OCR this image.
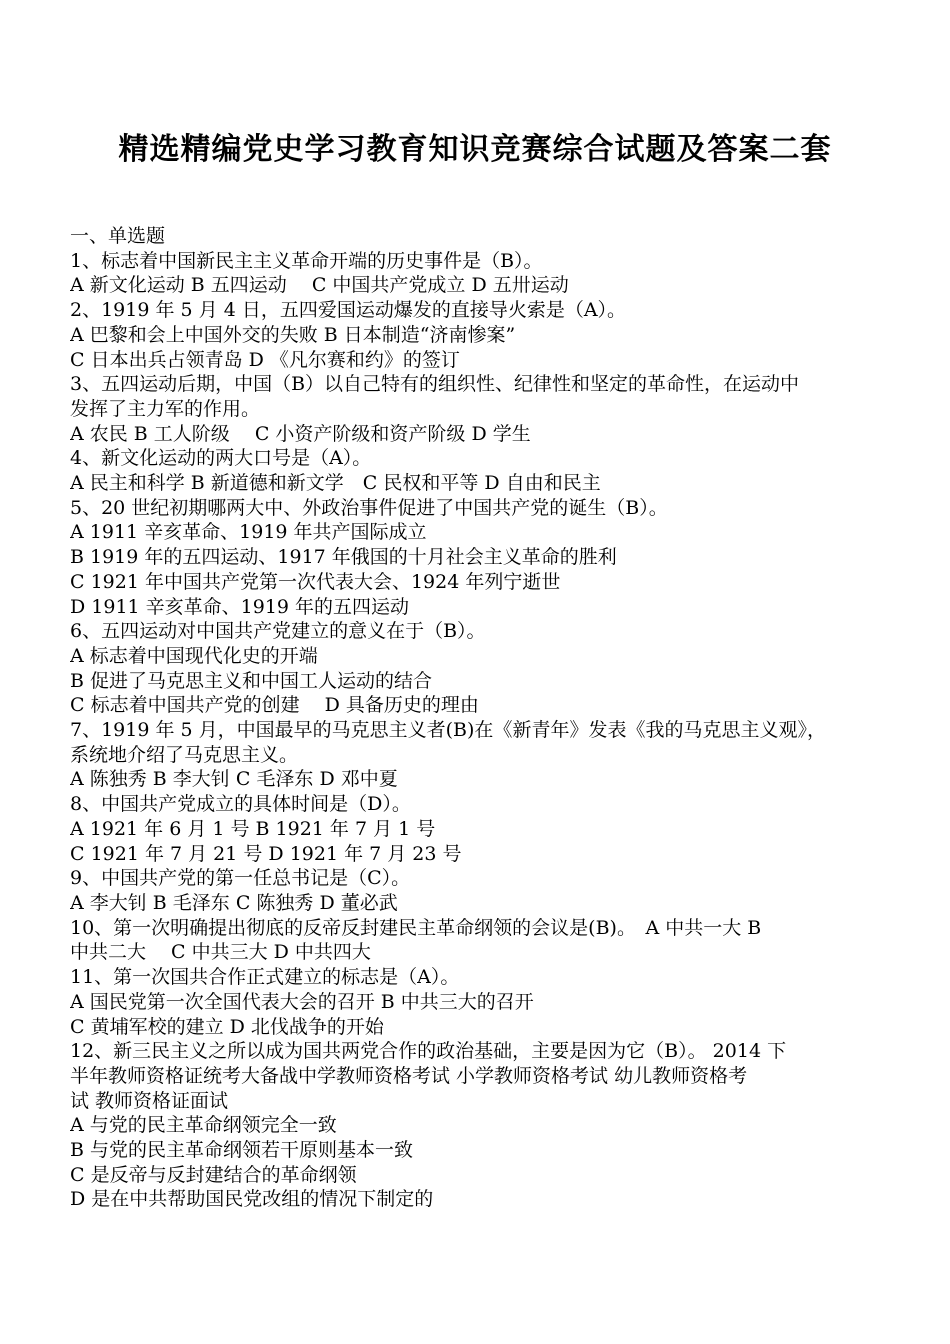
精选精编党史学习教育知识竞赛综合试题及答案二套
一、单选题
1、标志着中国新民主主义革命开端的历史事件是（B）。
A 新文化运动 B 五四运动　 C 中国共产党成立 D 五卅运动
2、1919 年 5 月 4 日，五四爱国运动爆发的直接导火索是（A）。
A 巴黎和会上中国外交的失败 B 日本制造“济南惨案”
C 日本出兵占领青岛 D 《凡尔赛和约》的签订
3、五四运动后期，中国（B）以自己特有的组织性、纪律性和坚定的革命性，在运动中
发挥了主力军的作用。
A 农民 B 工人阶级　 C 小资产阶级和资产阶级 D 学生
4、新文化运动的两大口号是（A）。
A 民主和科学 B 新道德和新文学　C 民权和平等 D 自由和民主
5、20 世纪初期哪两大中、外政治事件促进了中国共产党的诞生（B）。
A 1911 辛亥革命、1919 年共产国际成立
B 1919 年的五四运动、1917 年俄国的十月社会主义革命的胜利
C 1921 年中国共产党第一次代表大会、1924 年列宁逝世
D 1911 辛亥革命、1919 年的五四运动
6、五四运动对中国共产党建立的意义在于（B）。
A 标志着中国现代化史的开端
B 促进了马克思主义和中国工人运动的结合
C 标志着中国共产党的创建　 D 具备历史的理由
7、1919 年 5 月，中国最早的马克思主义者(B)在《新青年》发表《我的马克思主义观》，
系统地介绍了马克思主义。
A 陈独秀 B 李大钊 C 毛泽东 D 邓中夏
8、中国共产党成立的具体时间是（D）。
A 1921 年 6 月 1 号 B 1921 年 7 月 1 号
C 1921 年 7 月 21 号 D 1921 年 7 月 23 号
9、中国共产党的第一任总书记是（C）。
A 李大钊 B 毛泽东 C 陈独秀 D 董必武
10、第一次明确提出彻底的反帝反封建民主革命纲领的会议是(B)。　A 中共一大 B
中共二大　 C 中共三大 D 中共四大
11、第一次国共合作正式建立的标志是（A）。
A 国民党第一次全国代表大会的召开 B 中共三大的召开
C 黄埔军校的建立 D 北伐战争的开始
12、新三民主义之所以成为国共两党合作的政治基础，主要是因为它（B）。 2014 下
半年教师资格证统考大备战中学教师资格考试 小学教师资格考试 幼儿教师资格考
试 教师资格证面试
A 与党的民主革命纲领完全一致
B 与党的民主革命纲领若干原则基本一致
C 是反帝与反封建结合的革命纲领
D 是在中共帮助国民党改组的情况下制定的
